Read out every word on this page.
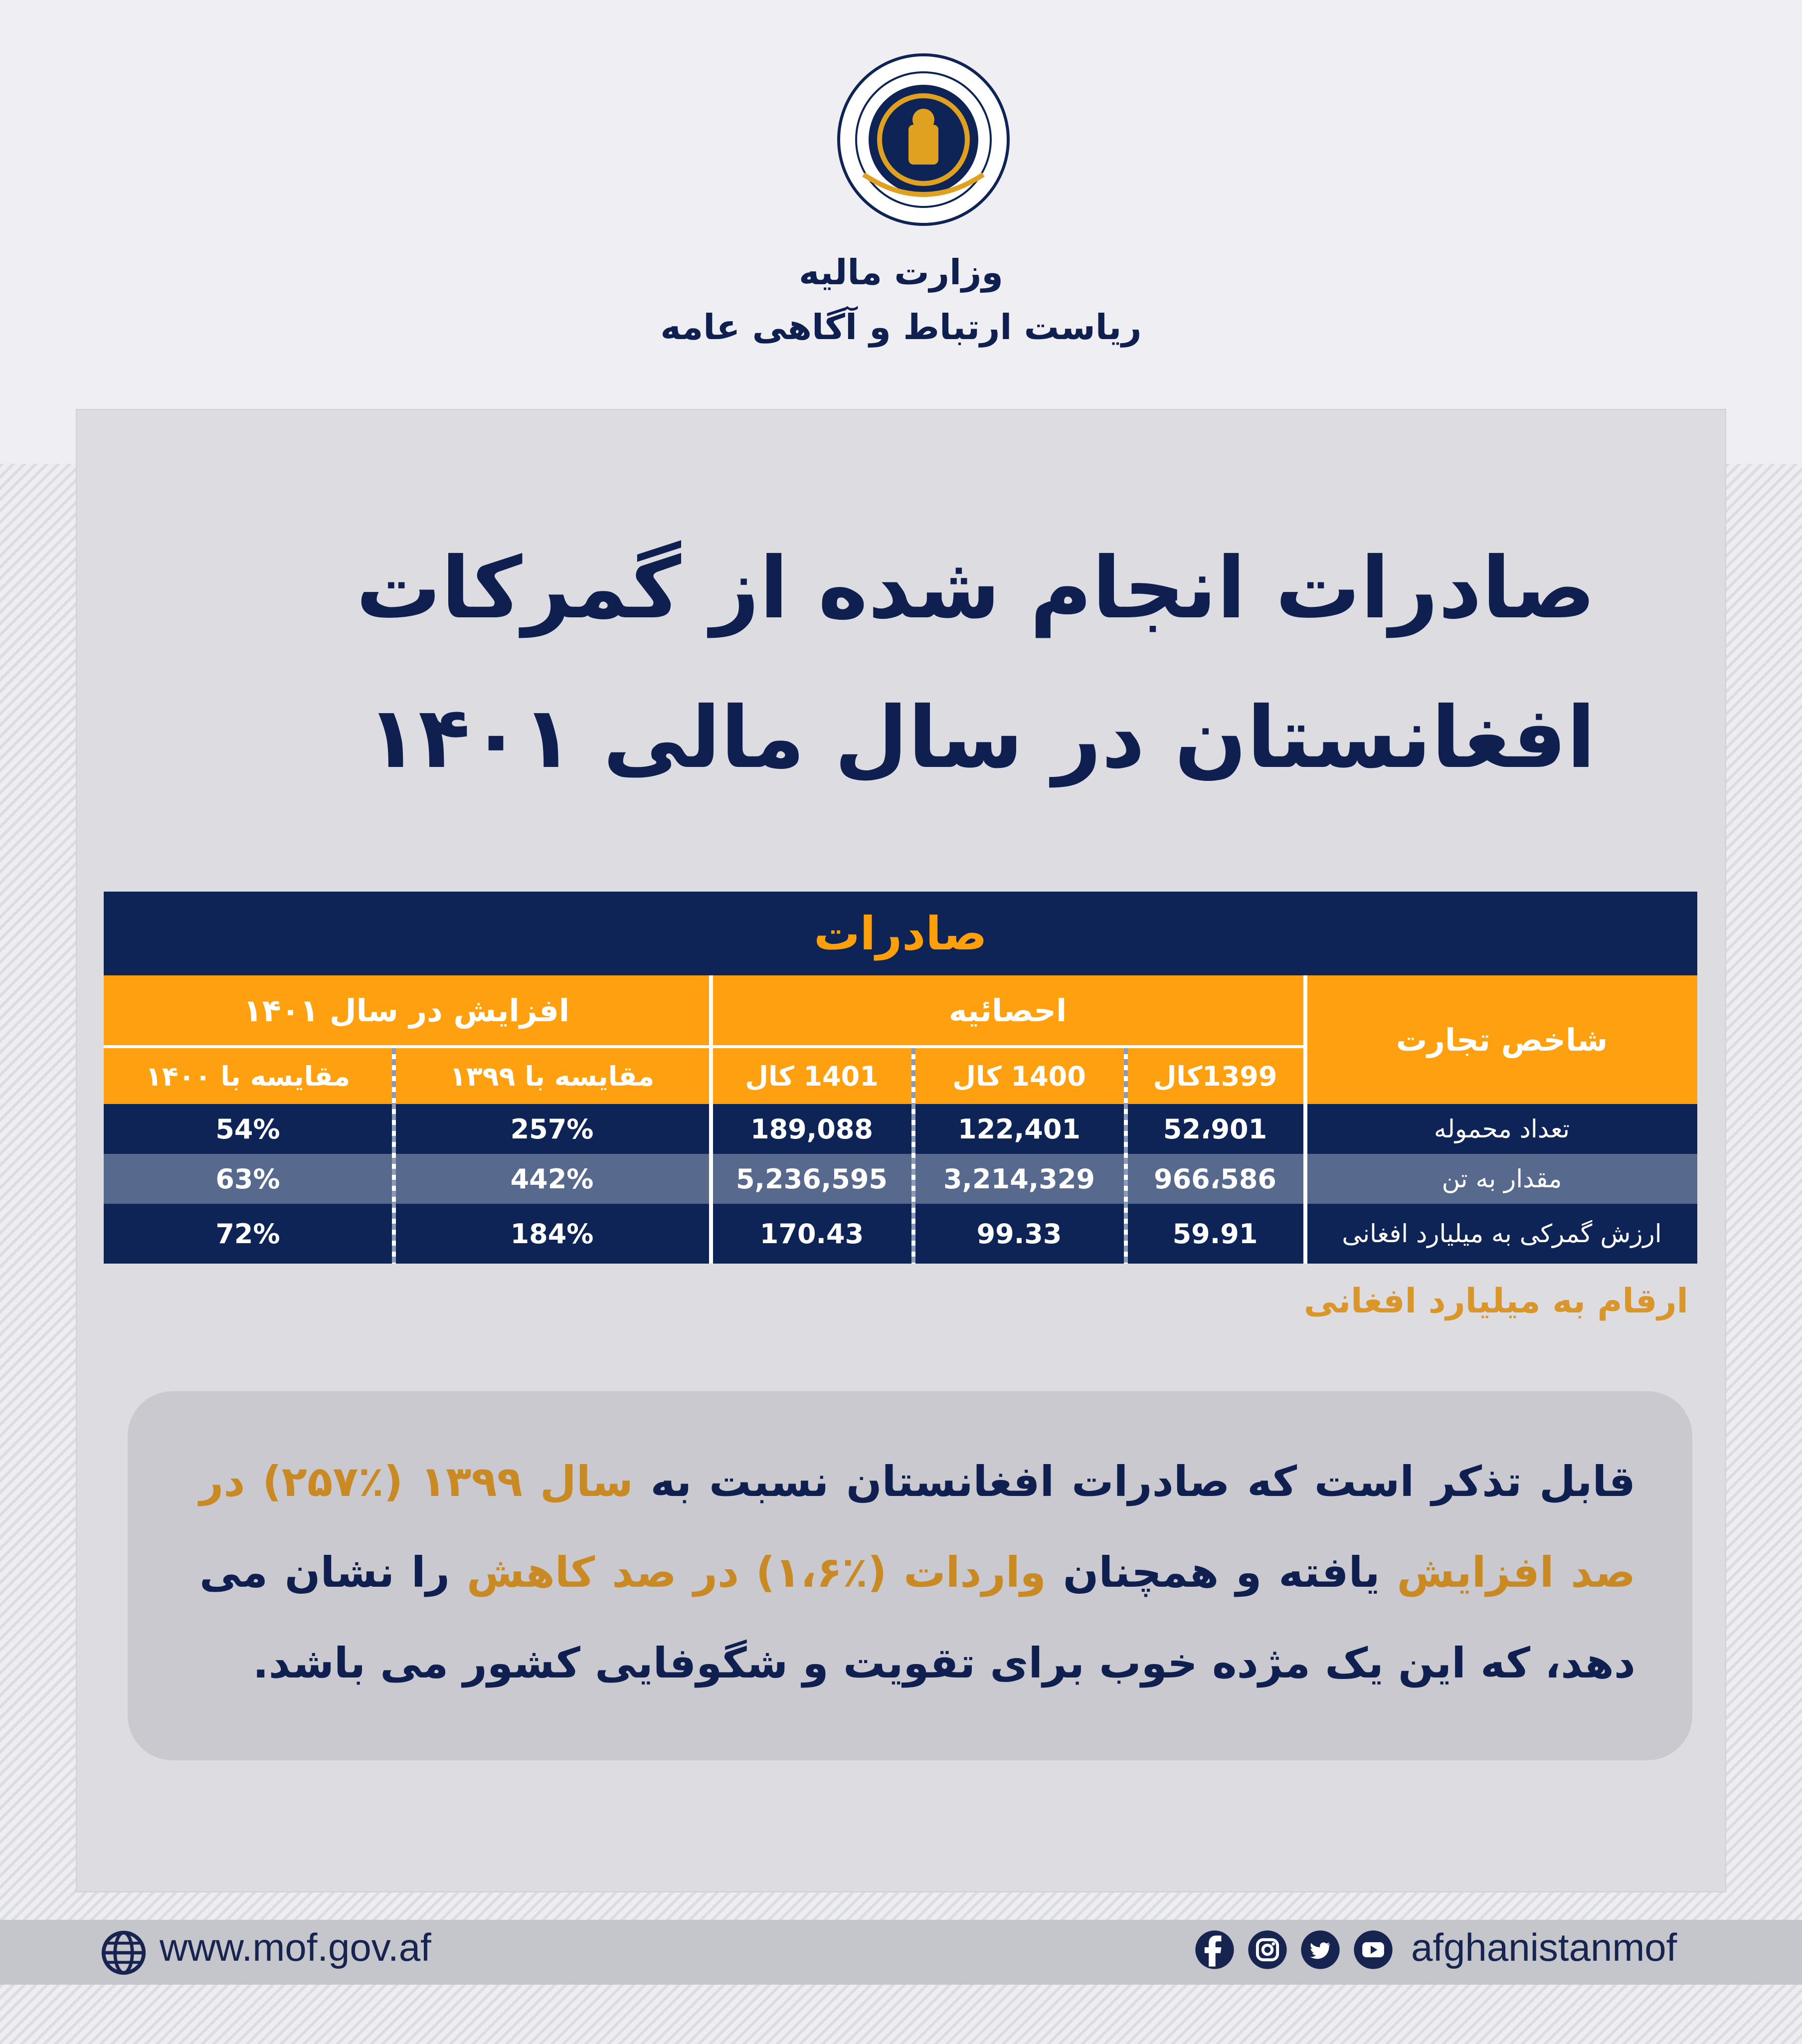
وزارت مالیه
ریاست ارتباط و آگاهی عامه
صادرات انجام شده از گمرکات
افغانستان در سال مالی ۱۴۰۱
صادرات
شاخص تجارت
احصائیه
افزایش در سال ۱۴۰۱
1399کال
1400 کال
1401 کال
مقایسه با ۱۳۹۹
مقایسه با ۱۴۰۰
تعداد محموله
52،901
122,401
189,088
257%
54%
مقدار به تن
966،586
3,214,329
5,236,595
442%
63%
ارزش گمرکی به میلیارد افغانی
59.91
99.33
170.43
184%
72%
ارقام به میلیارد افغانی
قابل تذکر است که صادرات افغانستان نسبت به سال ۱۳۹۹ (٪۲۵۷) در صد افزایش یافته و همچنان واردات (٪۱،۶) در صد کاهش را نشان می دهد، که این یک مژده خوب برای تقویت و شگوفایی کشور می باشد.
www.mof.gov.af	afghanistanmof
